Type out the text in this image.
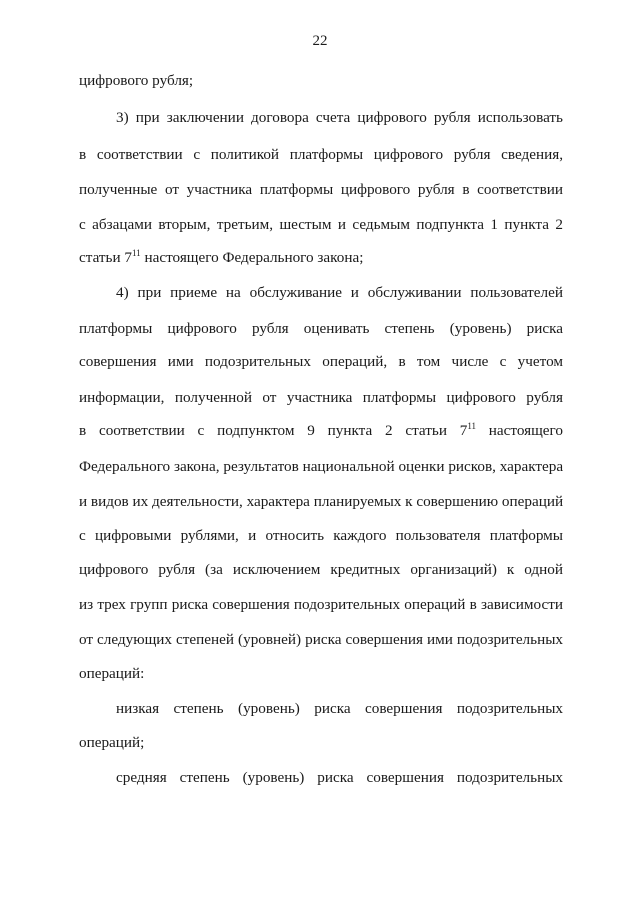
22
цифрового рубля;
3) при заключении договора счета цифрового рубля использовать
в соответствии с политикой платформы цифрового рубля сведения,
полученные от участника платформы цифрового рубля в соответствии
с абзацами вторым, третьим, шестым и седьмым подпункта 1 пункта 2
статьи $7^{11}$ настоящего Федерального закона;
4) при приеме на обслуживание и обслуживании пользователей
платформы цифрового рубля оценивать степень (уровень) риска
совершения ими подозрительных операций, в том числе с учетом
информации, полученной от участника платформы цифрового рубля
в соответствии с подпунктом 9 пункта 2 статьи $7^{11}$ настоящего
Федерального закона, результатов национальной оценки рисков, характера
и видов их деятельности, характера планируемых к совершению операций
с цифровыми рублями, и относить каждого пользователя платформы
цифрового рубля (за исключением кредитных организаций) к одной
из трех групп риска совершения подозрительных операций в зависимости
от следующих степеней (уровней) риска совершения ими подозрительных
операций:
низкая степень (уровень) риска совершения подозрительных
операций;
средняя степень (уровень) риска совершения подозрительных
